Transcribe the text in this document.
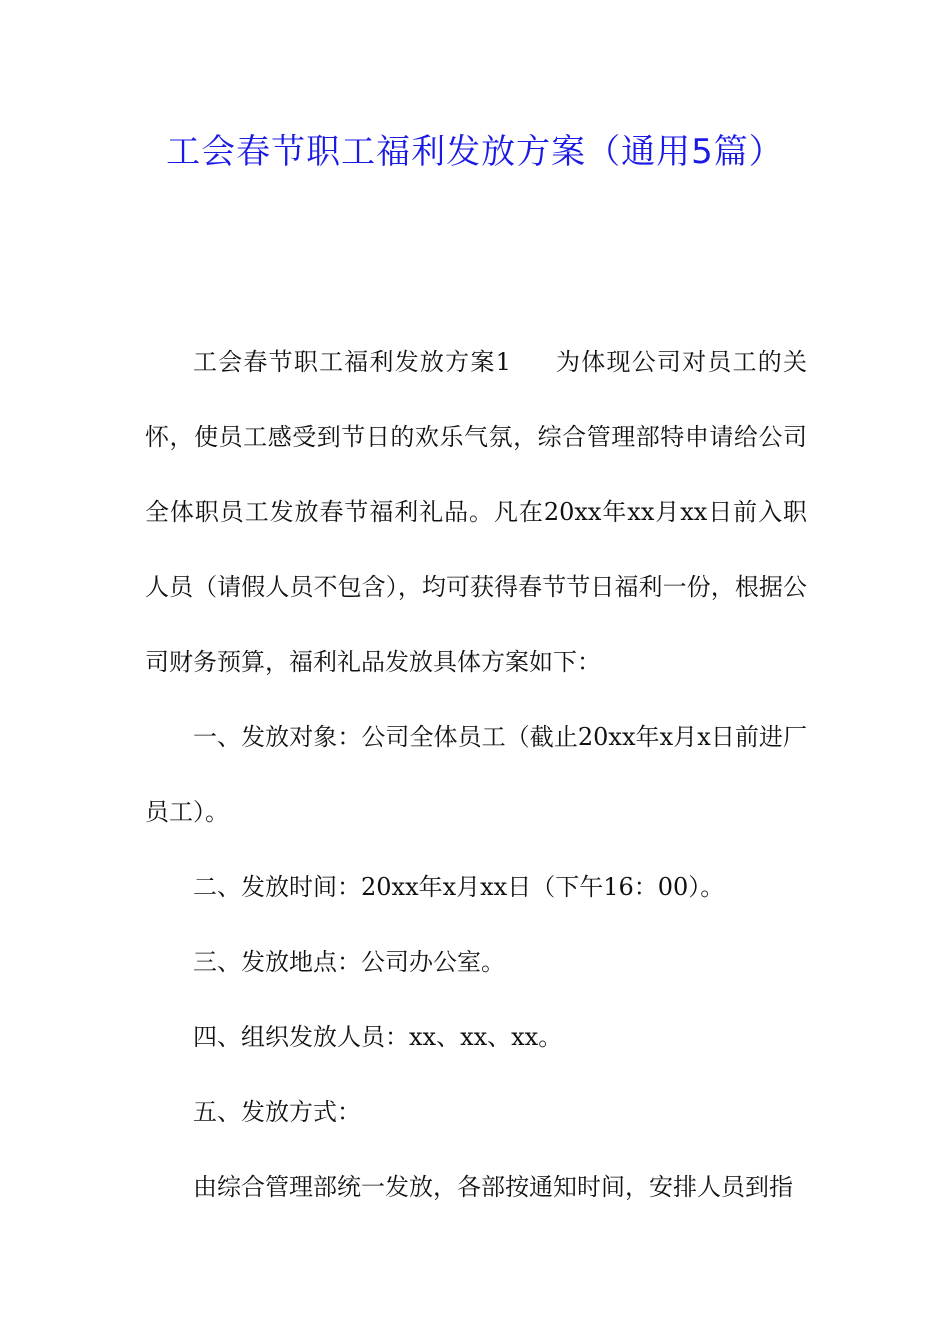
工会春节职工福利发放方案（通用5篇）

工会春节职工福利发放方案1 为体现公司对员工的关怀，使员工感受到节日的欢乐气氛，综合管理部特申请给公司全体职员工发放春节福利礼品。凡在20xx年xx月xx日前入职人员（请假人员不包含），均可获得春节节日福利一份，根据公司财务预算，福利礼品发放具体方案如下：

一、发放对象：公司全体员工（截止20xx年x月x日前进厂员工）。

二、发放时间：20xx年x月xx日（下午16：00）。

三、发放地点：公司办公室。

四、组织发放人员：xx、xx、xx。

五、发放方式：

由综合管理部统一发放，各部按通知时间，安排人员到指
